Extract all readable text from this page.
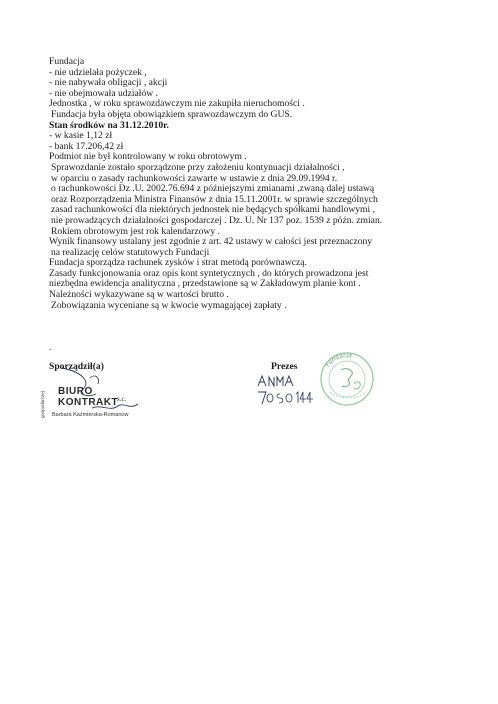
Fundacja
- nie udzielała pożyczek ,
- nie nabywała obligacji , akcji
- nie obejmowała udziałów .
Jednostka , w roku sprawozdawczym nie zakupiła nieruchomości .
Fundacja była objęta obowiązkiem sprawozdawczym do GUS.
Stan środków na 31.12.2010r.
- w kasie 1,12 zł
- bank 17.206,42 zł
Podmiot nie był kontrolowany w roku obrotowym .
Sprawozdanie zostało sporządzone przy założeniu kontynuacji działalności ,
w oparciu o zasady rachunkowości zawarte w ustawie z dnia 29.09.1994 r.
o rachunkowości Dz .U. 2002.76.694 z późniejszymi zmianami ,zwaną dalej ustawą
oraz Rozporządzenia Ministra Finansów z dnia 15.11.2001r. w sprawie szczególnych
zasad rachunkowości dla niektórych jednostek nie będących spółkami handlowymi ,
nie prowadzących działalności gospodarczej . Dz. U. Nr 137 poz. 1539 z późn. zmian.
Rokiem obrotowym jest rok kalendarzowy .
Wynik finansowy ustalany jest zgodnie z art. 42 ustawy w całości jest przeznaczony
na realizację celów statutowych Fundacji
Fundacja sporządza rachunek zysków i strat metodą porównawczą.
Zasady funkcjonowania oraz opis kont syntetycznych , do których prowadzona jest
niezbędna ewidencja analityczna , przedstawione są w Zakładowym planie kont .
Należności wykazywane są w wartości brutto .
Zobowiązania wyceniane są w kwocie wymagającej zapłaty .
.
Sporządził(a)	Prezes
gospodarczej BIURO
KONTRAKT
s.c.
Barbara Kaźmierska-Romanow
Fundacja
